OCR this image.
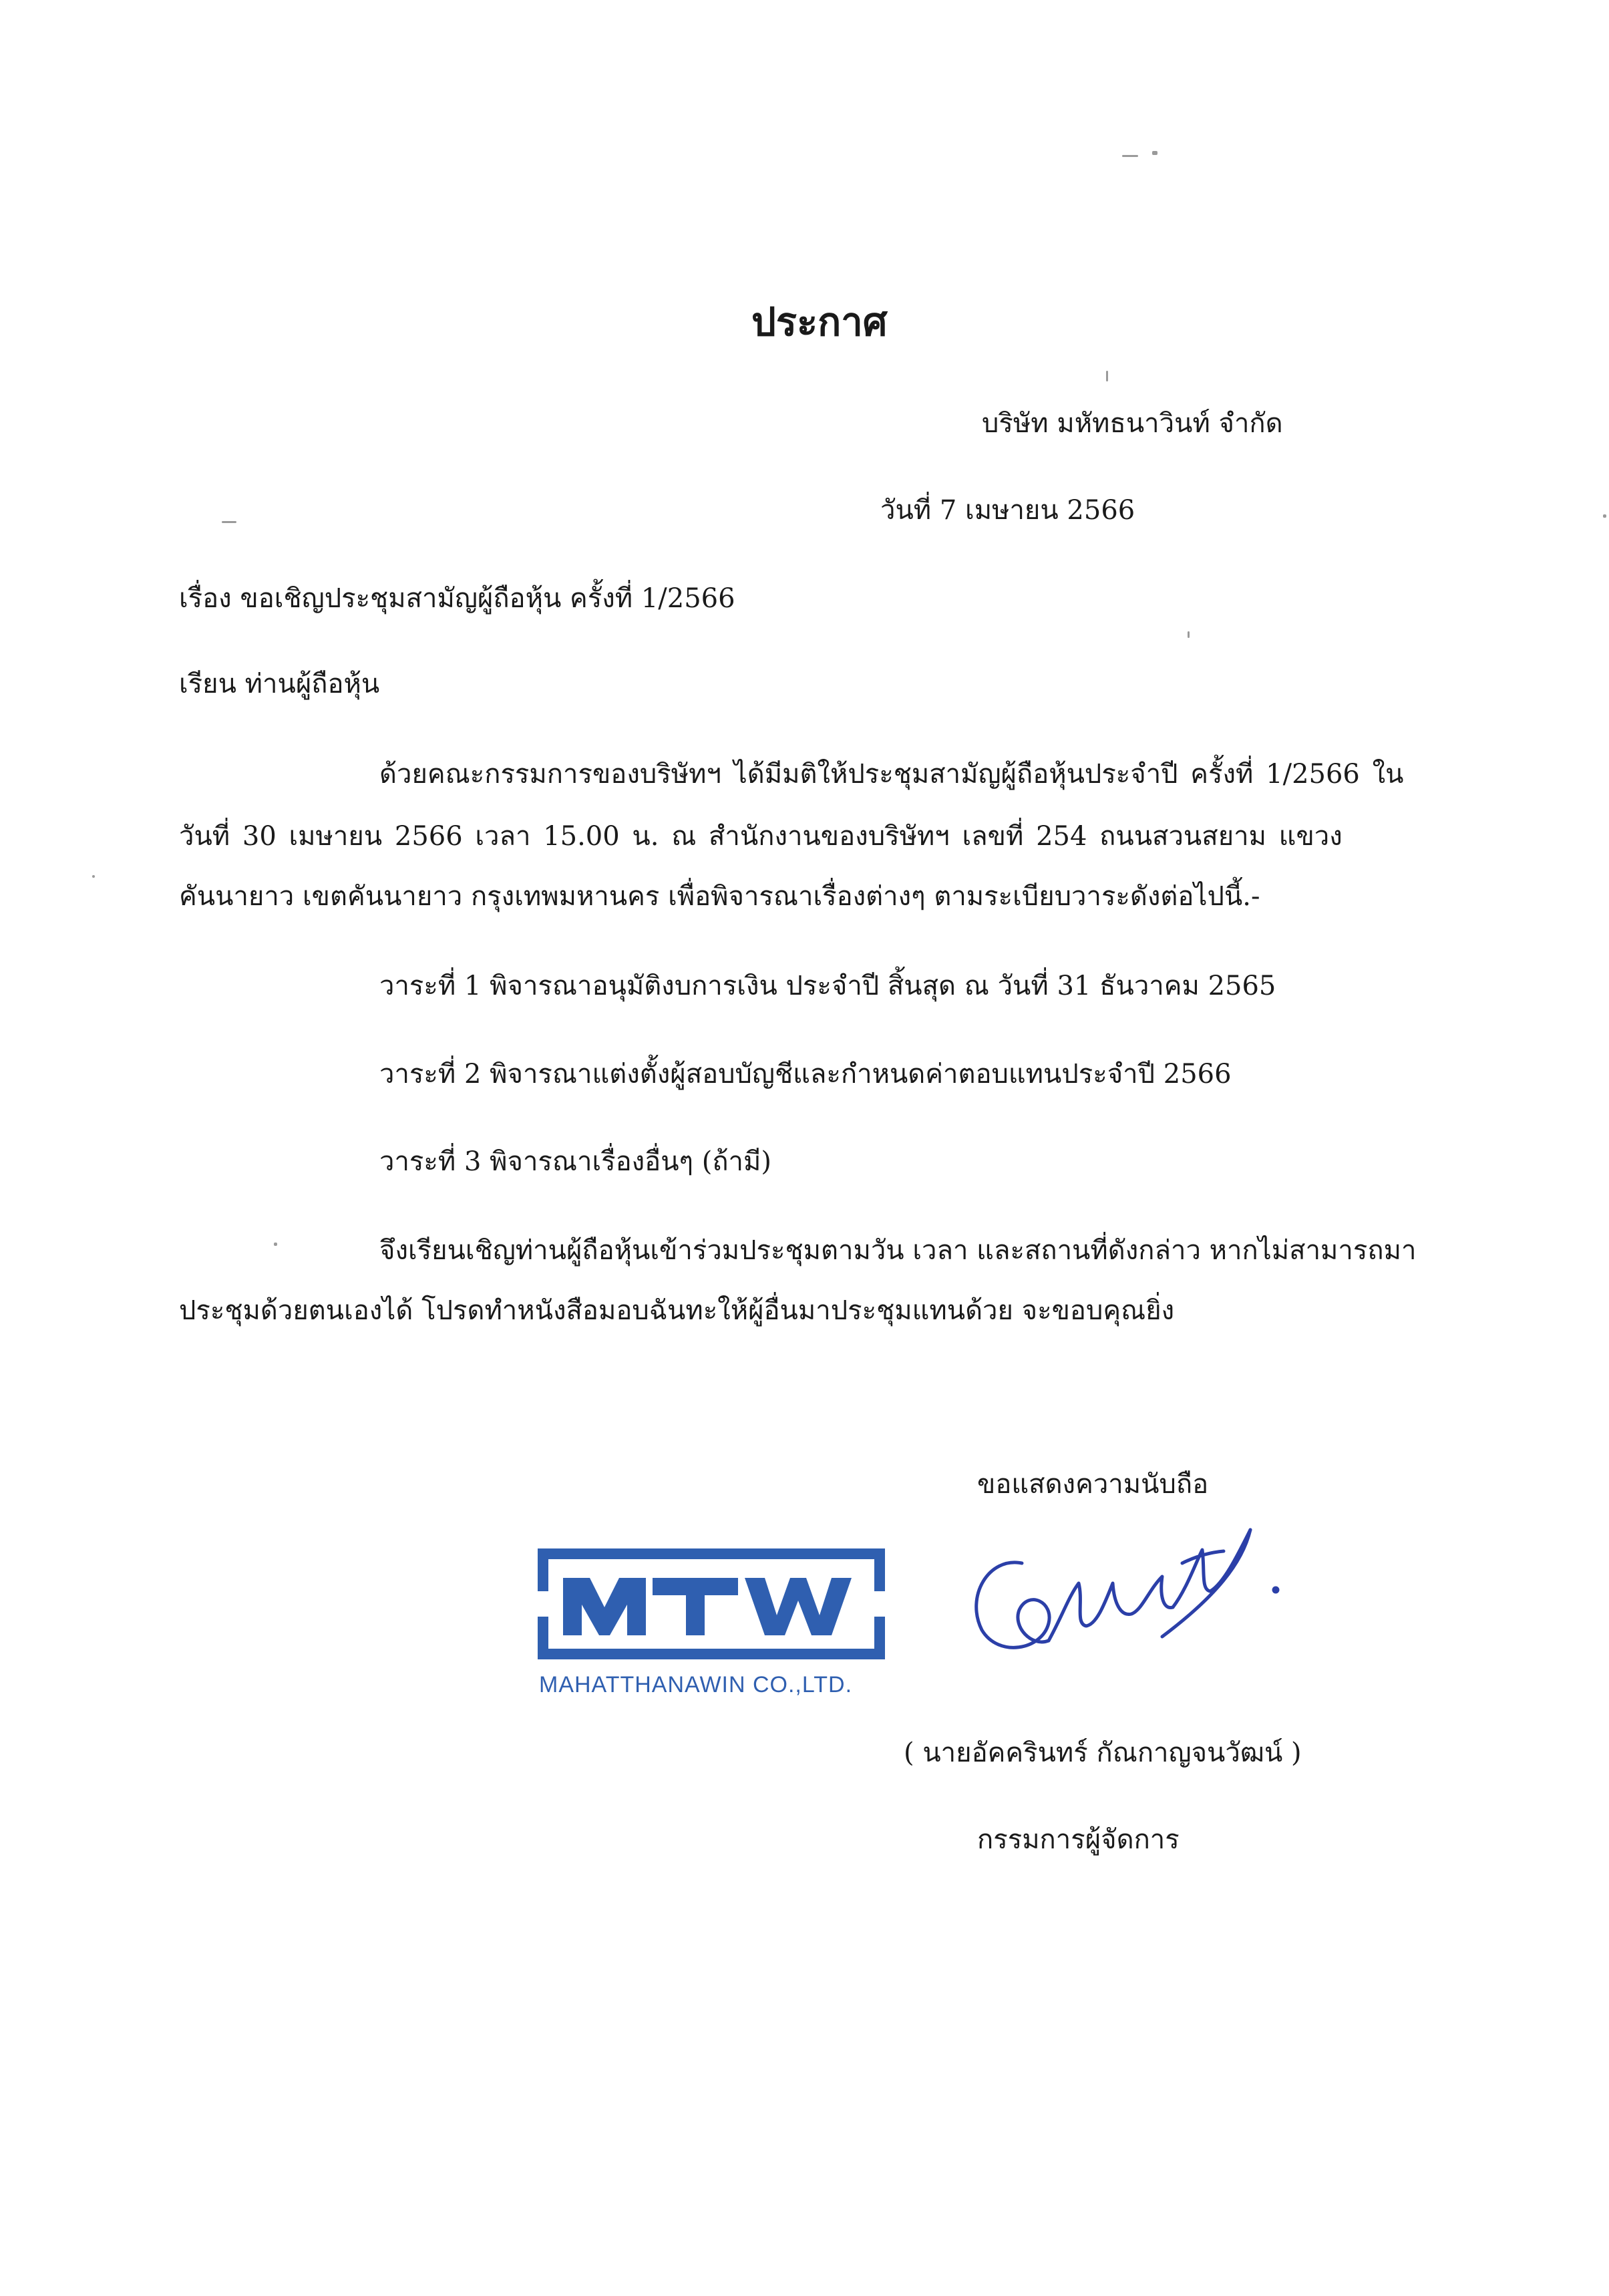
ประกาศ
บริษัท มหัทธนาวินท์ จำกัด
วันที่ 7 เมษายน 2566
เรื่อง ขอเชิญประชุมสามัญผู้ถือหุ้น ครั้งที่ 1/2566
เรียน ท่านผู้ถือหุ้น
ด้วยคณะกรรมการของบริษัทฯ ได้มีมติให้ประชุมสามัญผู้ถือหุ้นประจำปี ครั้งที่ 1/2566 ใน
วันที่ 30 เมษายน 2566 เวลา 15.00 น. ณ สำนักงานของบริษัทฯ เลขที่ 254 ถนนสวนสยาม แขวง
คันนายาว เขตคันนายาว กรุงเทพมหานคร เพื่อพิจารณาเรื่องต่างๆ ตามระเบียบวาระดังต่อไปนี้.-
วาระที่ 1 พิจารณาอนุมัติงบการเงิน ประจำปี สิ้นสุด ณ วันที่ 31 ธันวาคม 2565
วาระที่ 2 พิจารณาแต่งตั้งผู้สอบบัญชีและกำหนดค่าตอบแทนประจำปี 2566
วาระที่ 3 พิจารณาเรื่องอื่นๆ (ถ้ามี)
จึงเรียนเชิญท่านผู้ถือหุ้นเข้าร่วมประชุมตามวัน เวลา และสถานที่ดังกล่าว หากไม่สามารถมา
ประชุมด้วยตนเองได้ โปรดทำหนังสือมอบฉันทะให้ผู้อื่นมาประชุมแทนด้วย จะขอบคุณยิ่ง
ขอแสดงความนับถือ
MAHATTHANAWIN CO.,LTD.
( นายอัคครินทร์ กัณกาญจนวัฒน์ )
กรรมการผู้จัดการ
